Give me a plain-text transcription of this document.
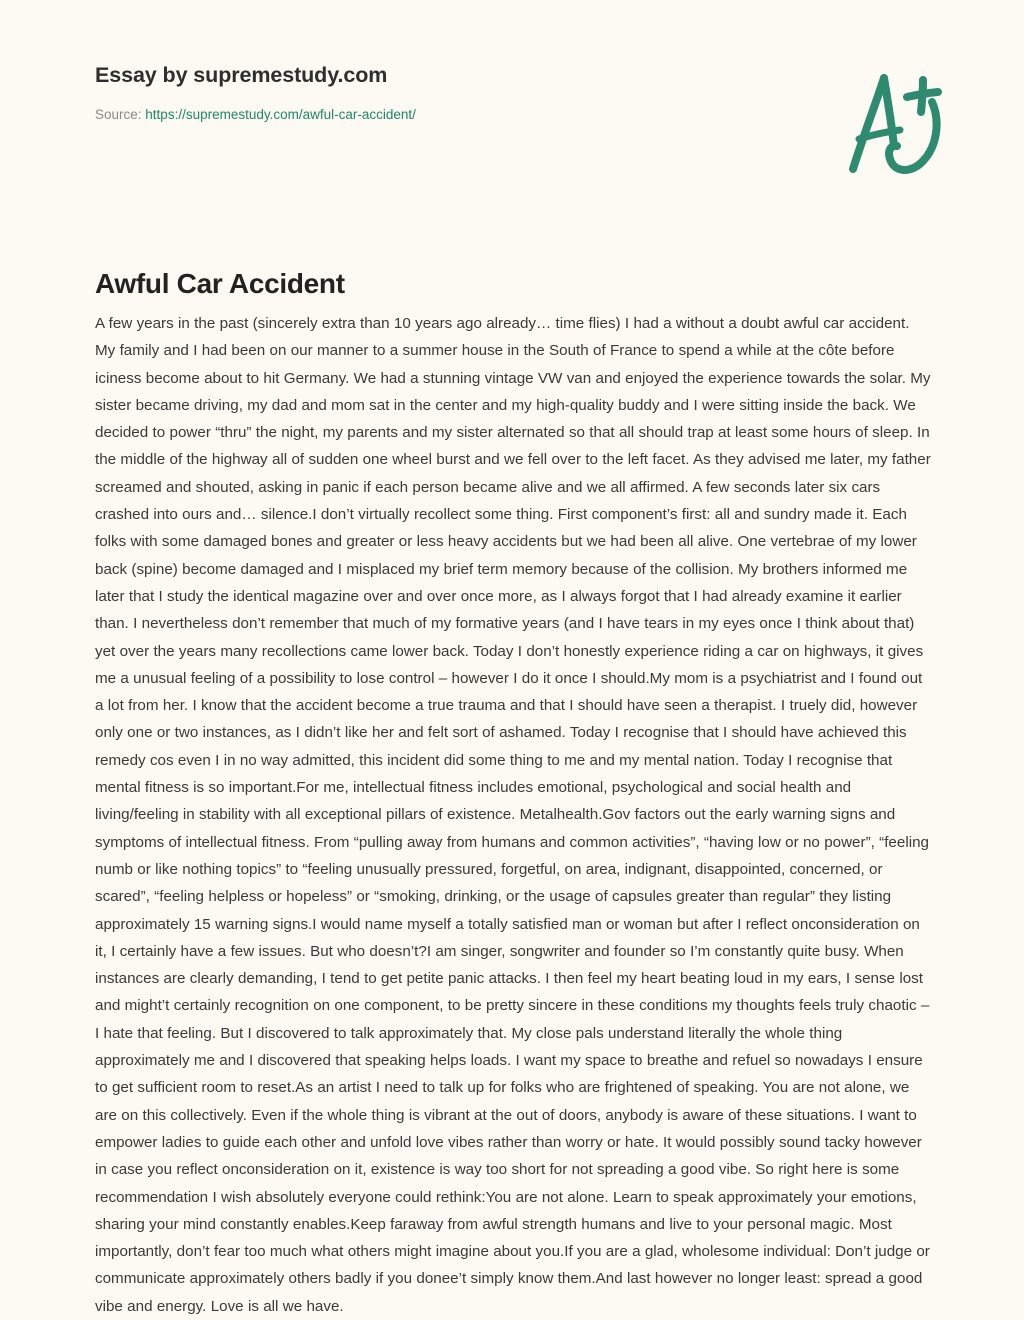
Essay by supremestudy.com
Source: https://supremestudy.com/awful-car-accident/
Awful Car Accident

A few years in the past (sincerely extra than 10 years ago already… time flies) I had a without a doubt awful car accident. My family and I had been on our manner to a summer house in the South of France to spend a while at the côte before iciness become about to hit Germany. We had a stunning vintage VW van and enjoyed the experience towards the solar. My sister became driving, my dad and mom sat in the center and my high-quality buddy and I were sitting inside the back. We decided to power “thru” the night, my parents and my sister alternated so that all should trap at least some hours of sleep. In the middle of the highway all of sudden one wheel burst and we fell over to the left facet. As they advised me later, my father screamed and shouted, asking in panic if each person became alive and we all affirmed. A few seconds later six cars crashed into ours and… silence.I don’t virtually recollect some thing. First component’s first: all and sundry made it. Each folks with some damaged bones and greater or less heavy accidents but we had been all alive. One vertebrae of my lower back (spine) become damaged and I misplaced my brief term memory because of the collision. My brothers informed me later that I study the identical magazine over and over once more, as I always forgot that I had already examine it earlier than. I nevertheless don’t remember that much of my formative years (and I have tears in my eyes once I think about that) yet over the years many recollections came lower back. Today I don’t honestly experience riding a car on highways, it gives me a unusual feeling of a possibility to lose control – however I do it once I should.My mom is a psychiatrist and I found out a lot from her. I know that the accident become a true trauma and that I should have seen a therapist. I truely did, however only one or two instances, as I didn’t like her and felt sort of ashamed. Today I recognise that I should have achieved this remedy cos even I in no way admitted, this incident did some thing to me and my mental nation. Today I recognise that mental fitness is so important.For me, intellectual fitness includes emotional, psychological and social health and living/feeling in stability with all exceptional pillars of existence. Metalhealth.Gov factors out the early warning signs and symptoms of intellectual fitness. From “pulling away from humans and common activities”, “having low or no power”, “feeling numb or like nothing topics” to “feeling unusually pressured, forgetful, on area, indignant, disappointed, concerned, or scared”, “feeling helpless or hopeless” or “smoking, drinking, or the usage of capsules greater than regular” they listing approximately 15 warning signs.I would name myself a totally satisfied man or woman but after I reflect onconsideration on it, I certainly have a few issues. But who doesn’t?I am singer, songwriter and founder so I’m constantly quite busy. When instances are clearly demanding, I tend to get petite panic attacks. I then feel my heart beating loud in my ears, I sense lost and might’t certainly recognition on one component, to be pretty sincere in these conditions my thoughts feels truly chaotic – I hate that feeling. But I discovered to talk approximately that. My close pals understand literally the whole thing approximately me and I discovered that speaking helps loads. I want my space to breathe and refuel so nowadays I ensure to get sufficient room to reset.As an artist I need to talk up for folks who are frightened of speaking. You are not alone, we are on this collectively. Even if the whole thing is vibrant at the out of doors, anybody is aware of these situations. I want to empower ladies to guide each other and unfold love vibes rather than worry or hate. It would possibly sound tacky however in case you reflect onconsideration on it, existence is way too short for not spreading a good vibe. So right here is some recommendation I wish absolutely everyone could rethink:You are not alone. Learn to speak approximately your emotions, sharing your mind constantly enables.Keep faraway from awful strength humans and live to your personal magic. Most importantly, don’t fear too much what others might imagine about you.If you are a glad, wholesome individual: Don’t judge or communicate approximately others badly if you donee’t simply know them.And last however no longer least: spread a good vibe and energy. Love is all we have.
